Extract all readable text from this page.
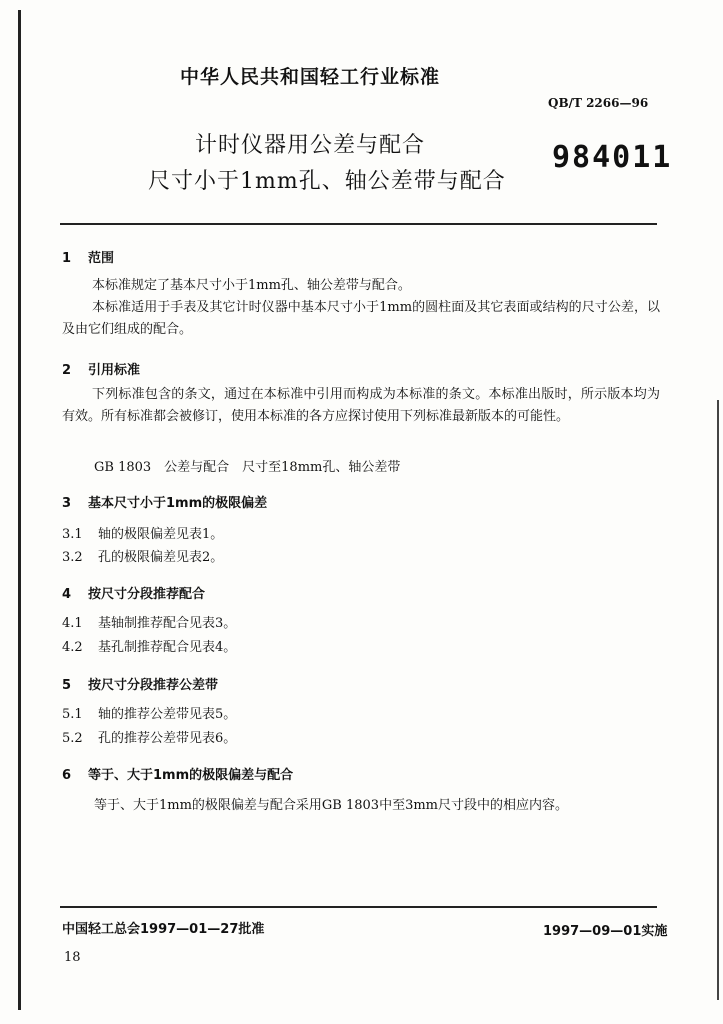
中华人民共和国轻工行业标准
QB/T 2266—96
计时仪器用公差与配合
尺寸小于1mm孔、轴公差带与配合
984011
1 范围
本标准规定了基本尺寸小于1mm孔、轴公差带与配合。
本标准适用于手表及其它计时仪器中基本尺寸小于1mm的圆柱面及其它表面或结构的尺寸公差，以及由它们组成的配合。
2 引用标准
下列标准包含的条文，通过在本标准中引用而构成为本标准的条文。本标准出版时，所示版本均为有效。所有标准都会被修订，使用本标准的各方应探讨使用下列标准最新版本的可能性。
GB 1803　公差与配合　尺寸至18mm孔、轴公差带
3 基本尺寸小于1mm的极限偏差
3.1 轴的极限偏差见表1。
3.2 孔的极限偏差见表2。
4 按尺寸分段推荐配合
4.1 基轴制推荐配合见表3。
4.2 基孔制推荐配合见表4。
5 按尺寸分段推荐公差带
5.1 轴的推荐公差带见表5。
5.2 孔的推荐公差带见表6。
6 等于、大于1mm的极限偏差与配合
等于、大于1mm的极限偏差与配合采用GB 1803中至3mm尺寸段中的相应内容。
中国轻工总会1997—01—27批准	1997—09—01实施
18
